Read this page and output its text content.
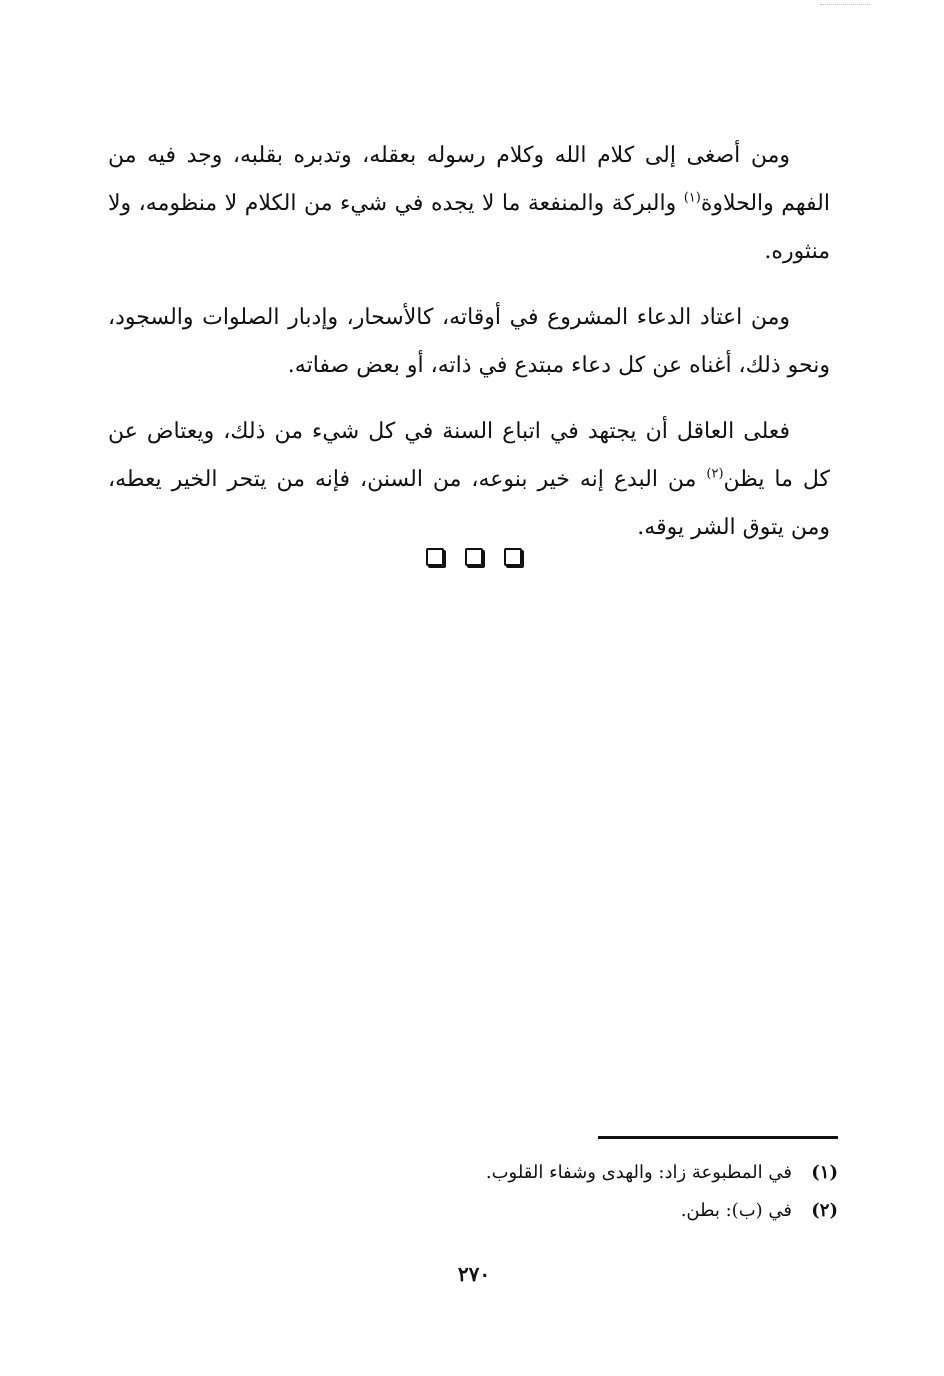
ومن أصغى إلى كلام الله وكلام رسوله بعقله، وتدبره بقلبه، وجد فيه من الفهم والحلاوة$^{(١)}$ والبركة والمنفعة ما لا يجده في شيء من الكلام لا منظومه، ولا منثوره.

ومن اعتاد الدعاء المشروع في أوقاته، كالأسحار، وإدبار الصلوات والسجود، ونحو ذلك، أغناه عن كل دعاء مبتدع في ذاته، أو بعض صفاته.

فعلى العاقل أن يجتهد في اتباع السنة في كل شيء من ذلك، ويعتاض عن كل ما يظن$^{(٢)}$ من البدع إنه خير بنوعه، من السنن، فإنه من يتحر الخير يعطه، ومن يتوق الشر يوقه.

(١)
في المطبوعة زاد: والهدى وشفاء القلوب.
(٢)
في (ب): بطن.
٢٧٠
